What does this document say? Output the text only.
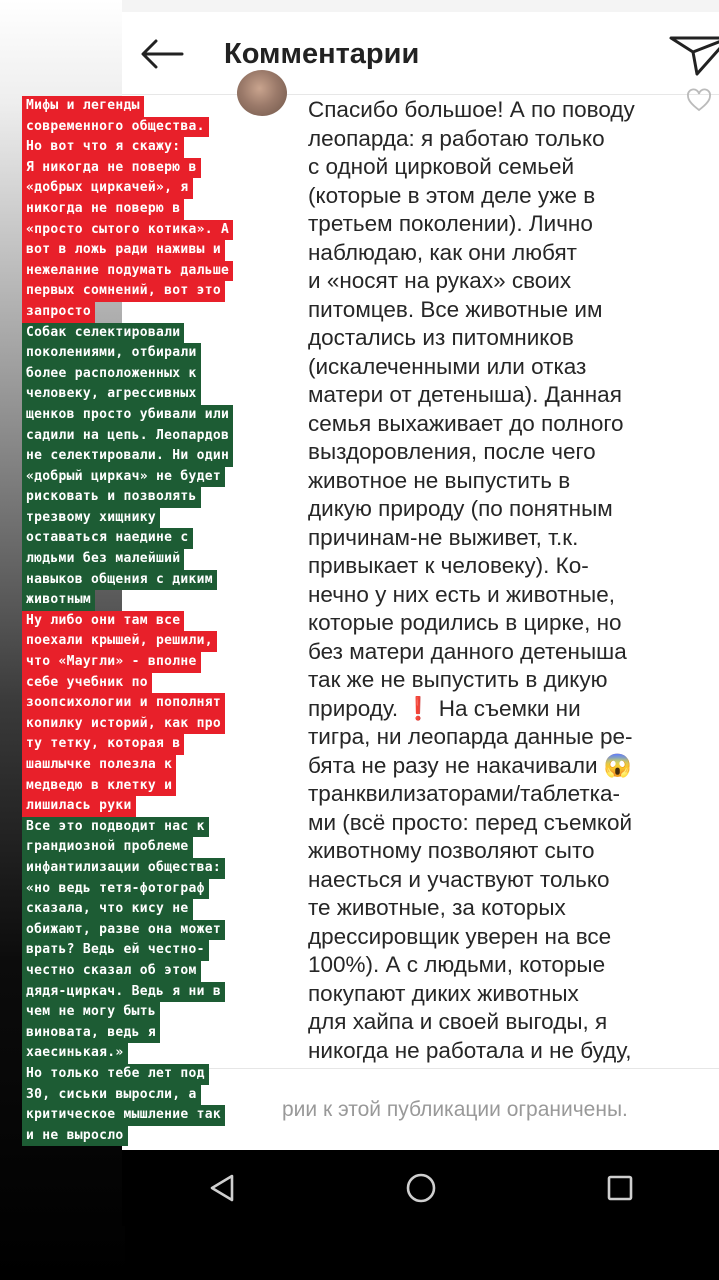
Комментарии

Спасибо большое! А по поводу
леопарда: я работаю только
с одной цирковой семьей
(которые в этом деле уже в
третьем поколении). Лично
наблюдаю, как они любят
и «носят на руках» своих
питомцев. Все животные им
достались из питомников
(искалеченными или отказ
матери от детеныша). Данная
семья выхаживает до полного
выздоровления, после чего
животное не выпустить в
дикую природу (по понятным
причинам-не выживет, т.к.
привыкает к человеку). Ко-
нечно у них есть и животные,
которые родились в цирке, но
без матери данного детеныша
так же не выпустить в дикую
природу. ❗ На съемки ни
тигра, ни леопарда данные ре-
бята не разу не накачивали 😱
транквилизаторами/таблетка-
ми (всё просто: перед съемкой
животному позволяют сыто
наесться и участвуют только
те животные, за которых
дрессировщик уверен на все
100%). А с людьми, которые
покупают диких животных
для хайпа и своей выгоды, я
никогда не работала и не буду,

рии к этой публикации ограничены.
Мифы и легенды
современного общества.
Но вот что я скажу:
Я никогда не поверю в
«добрых циркачей», я
никогда не поверю в
«просто сытого котика». А
вот в ложь ради наживы и
нежелание подумать дальше
первых сомнений, вот это
запросто
Собак селектировали
поколениями, отбирали
более расположенных к
человеку, агрессивных
щенков просто убивали или
садили на цепь. Леопардов
не селектировали. Ни один
«добрый циркач» не будет
рисковать и позволять
трезвому хищнику
оставаться наедине с
людьми без малейший
навыков общения с диким
животным
Ну либо они там все
поехали крышей, решили,
что «Маугли» - вполне
себе учебник по
зоопсихологии и пополнят
копилку историй, как про
ту тетку, которая в
шашлычке полезла к
медведю в клетку и
лишилась руки
Все это подводит нас к
грандиозной проблеме
инфантилизации общества:
«но ведь тетя-фотограф
сказала, что кису не
обижают, разве она может
врать? Ведь ей честно-
честно сказал об этом
дядя-циркач. Ведь я ни в
чем не могу быть
виновата, ведь я
хаесинькая.»
Но только тебе лет под
30, сиськи выросли, а
критическое мышление так
и не выросло
